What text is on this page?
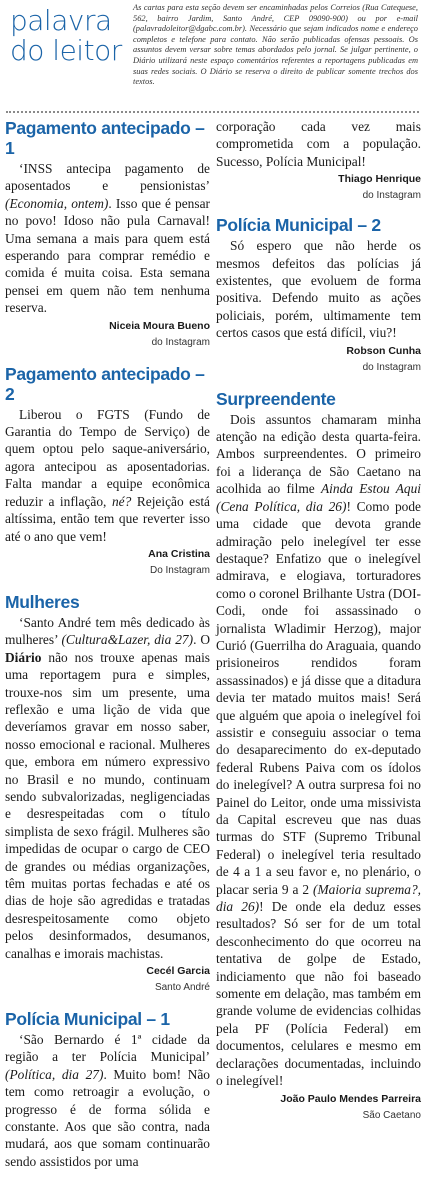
palavra
do leitor
As cartas para esta seção devem ser encaminhadas pelos Correios (Rua Catequese, 562, bairro Jardim, Santo André, CEP 09090-900) ou por e-mail (palavradoleitor@dgabc.com.br). Necessário que sejam indicados nome e endereço completos e telefone para contato. Não serão publicadas ofensas pessoais. Os assuntos devem versar sobre temas abordados pelo jornal. Se julgar pertinente, o Diário utilizará neste espaço comentários referentes a reportagens publicadas em suas redes sociais. O Diário se reserva o direito de publicar somente trechos dos textos.
Pagamento antecipado – 1

‘INSS antecipa pagamento de aposentados e pensionistas’ (Economia, ontem). Isso que é pensar no povo! Idoso não pula Carnaval! Uma semana a mais para quem está esperando para comprar remédio e comida é muita coisa. Esta semana pensei em quem não tem nenhuma reserva.

Niceia Moura Bueno
do Instagram
Pagamento antecipado – 2

Liberou o FGTS (Fundo de Garantia do Tempo de Serviço) de quem optou pelo saque-aniversário, agora antecipou as aposentadorias. Falta mandar a equipe econômica reduzir a inflação, né? Rejeição está altíssima, então tem que reverter isso até o ano que vem!

Ana Cristina
Do Instagram
Mulheres

‘Santo André tem mês dedicado às mulheres’ (Cultura&Lazer, dia 27). O Diário não nos trouxe apenas mais uma reportagem pura e simples, trouxe-nos sim um presente, uma reflexão e uma lição de vida que deveríamos gravar em nosso saber, nosso emocional e racional. Mulheres que, embora em número expressivo no Brasil e no mundo, continuam sendo subvalorizadas, negligenciadas e desrespeitadas com o título simplista de sexo frágil. Mulheres são impedidas de ocupar o cargo de CEO de grandes ou médias organizações, têm muitas portas fechadas e até os dias de hoje são agredidas e tratadas desrespeitosamente como objeto pelos desinformados, desumanos, canalhas e imorais machistas.

Cecél Garcia
Santo André
Polícia Municipal – 1

‘São Bernardo é 1ª cidade da região a ter Polícia Municipal’ (Política, dia 27). Muito bom! Não tem como retroagir a evolução, o progresso é de forma sólida e constante. Aos que são contra, nada mudará, aos que somam continuarão sendo assistidos por uma

corporação cada vez mais comprometida com a população. Sucesso, Polícia Municipal!

Thiago Henrique
do Instagram
Polícia Municipal – 2

Só espero que não herde os mesmos defeitos das polícias já existentes, que evoluem de forma positiva. Defendo muito as ações policiais, porém, ultimamente tem certos casos que está difícil, viu?!

Robson Cunha
do Instagram
Surpreendente

Dois assuntos chamaram minha atenção na edição desta quarta-feira. Ambos surpreendentes. O primeiro foi a liderança de São Caetano na acolhida ao filme Ainda Estou Aqui (Cena Política, dia 26)! Como pode uma cidade que devota grande admiração pelo inelegível ter esse destaque? Enfatizo que o inelegível admirava, e elogiava, torturadores como o coronel Brilhante Ustra (DOI-Codi, onde foi assassinado o jornalista Wladimir Herzog), major Curió (Guerrilha do Araguaia, quando prisioneiros rendidos foram assassinados) e já disse que a ditadura devia ter matado muitos mais! Será que alguém que apoia o inelegível foi assistir e conseguiu associar o tema do desaparecimento do ex-deputado federal Rubens Paiva com os ídolos do inelegível? A outra surpresa foi no Painel do Leitor, onde uma missivista da Capital escreveu que nas duas turmas do STF (Supremo Tribunal Federal) o inelegível teria resultado de 4 a 1 a seu favor e, no plenário, o placar seria 9 a 2 (Maioria suprema?, dia 26)! De onde ela deduz esses resultados? Só ser for de um total desconhecimento do que ocorreu na tentativa de golpe de Estado, indiciamento que não foi baseado somente em delação, mas também em grande volume de evidencias colhidas pela PF (Polícia Federal) em documentos, celulares e mesmo em declarações documentadas, incluindo o inelegível!

João Paulo Mendes Parreira
São Caetano
